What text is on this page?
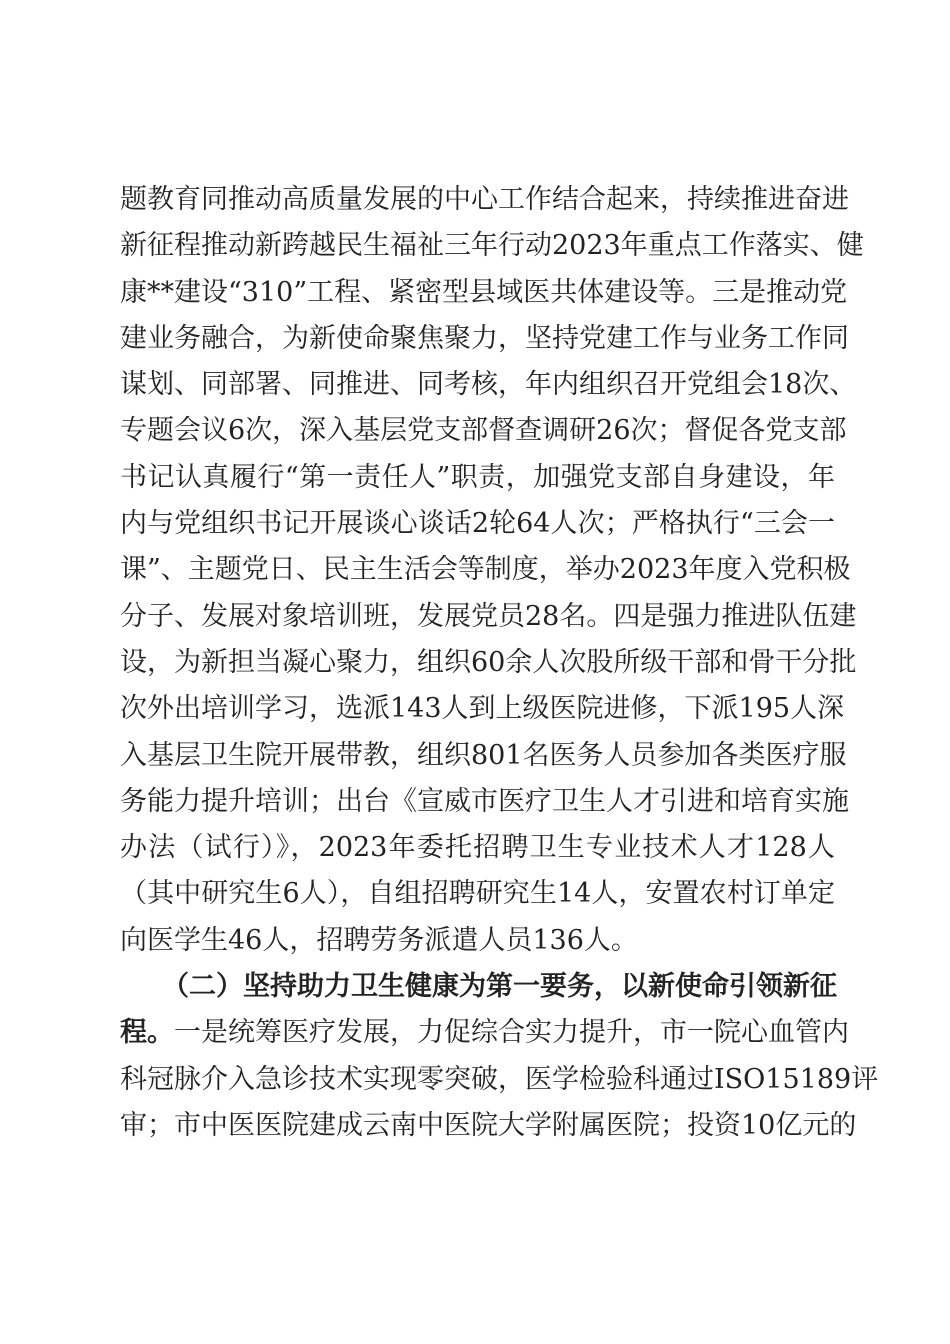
题教育同推动高质量发展的中心工作结合起来，持续推进奋进
新征程推动新跨越民生福祉三年行动2023年重点工作落实、健
康**建设“310”工程、紧密型县域医共体建设等。三是推动党
建业务融合，为新使命聚焦聚力，坚持党建工作与业务工作同
谋划、同部署、同推进、同考核，年内组织召开党组会18次、
专题会议6次，深入基层党支部督查调研26次；督促各党支部
书记认真履行“第一责任人”职责，加强党支部自身建设，年
内与党组织书记开展谈心谈话2轮64人次；严格执行“三会一
课”、主题党日、民主生活会等制度，举办2023年度入党积极
分子、发展对象培训班，发展党员28名。四是强力推进队伍建
设，为新担当凝心聚力，组织60余人次股所级干部和骨干分批
次外出培训学习，选派143人到上级医院进修，下派195人深
入基层卫生院开展带教，组织801名医务人员参加各类医疗服
务能力提升培训；出台《宣威市医疗卫生人才引进和培育实施
办法（试行）》，2023年委托招聘卫生专业技术人才128人
（其中研究生6人），自组招聘研究生14人，安置农村订单定
向医学生46人，招聘劳务派遣人员136人。
（二）坚持助力卫生健康为第一要务，以新使命引领新征
程。一是统筹医疗发展，力促综合实力提升，市一院心血管内
科冠脉介入急诊技术实现零突破，医学检验科通过ISO15189评
审；市中医医院建成云南中医院大学附属医院；投资10亿元的
